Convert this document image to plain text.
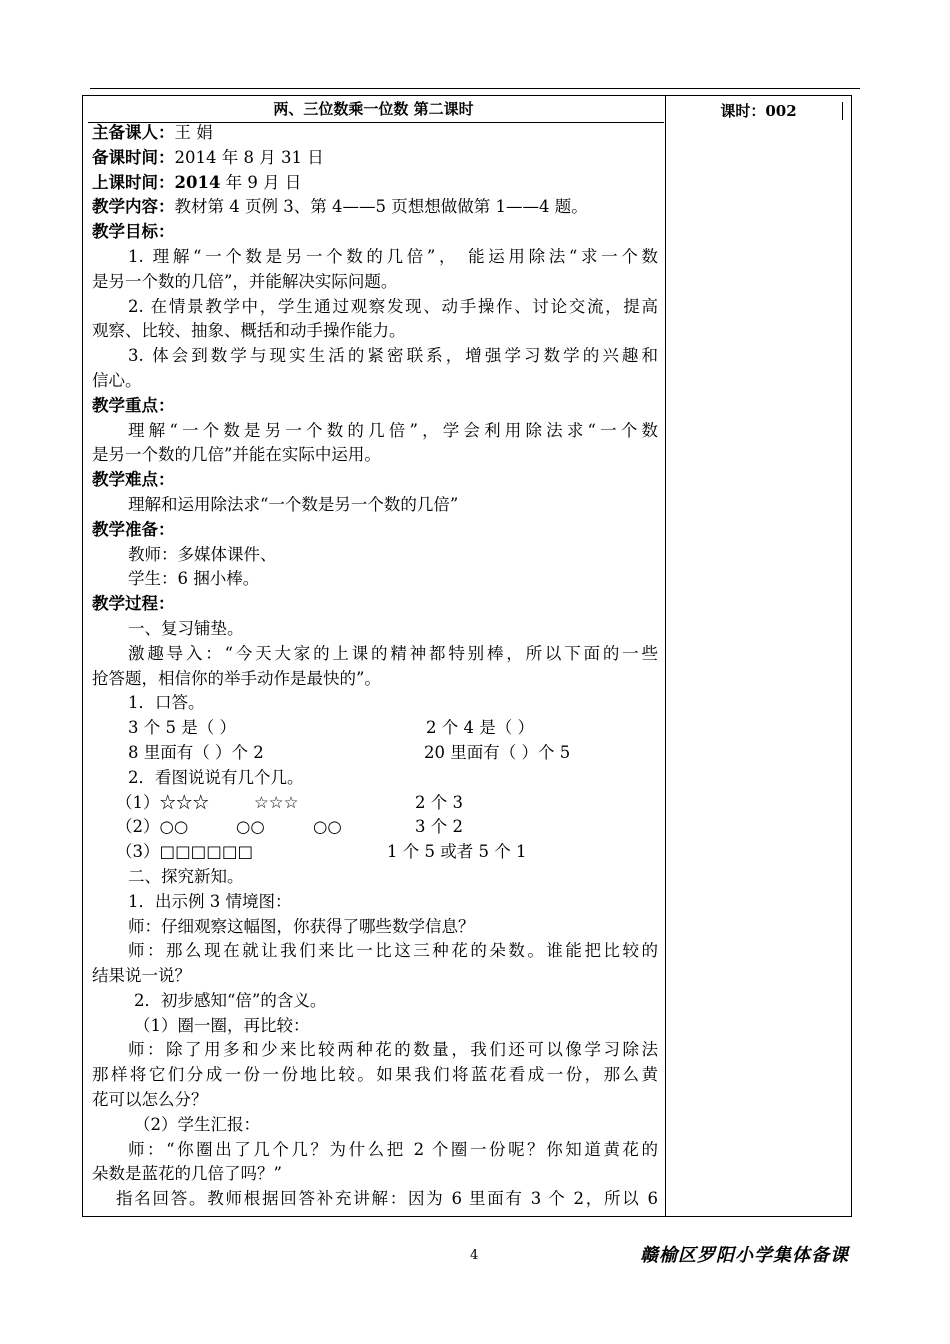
两、三位数乘一位数 第二课时	课时：002
主备课人：王 娟
备课时间：2014 年 8 月 31 日
上课时间：2014 年 9 月 日
教学内容：教材第 4 页例 3、第 4——5 页想想做做第 1——4 题。
教学目标：
1. 理解“一个数是另一个数的几倍”， 能运用除法“求一个数
是另一个数的几倍”，并能解决实际问题。
2. 在情景教学中，学生通过观察发现、动手操作、讨论交流，提高
观察、比较、抽象、概括和动手操作能力。
3. 体会到数学与现实生活的紧密联系，增强学习数学的兴趣和
信心。
教学重点：
理解“一个数是另一个数的几倍”，学会利用除法求“一个数
是另一个数的几倍”并能在实际中运用。
教学难点：
理解和运用除法求“一个数是另一个数的几倍”
教学准备：
教师：多媒体课件、
学生：6 捆小棒。
教学过程：
一、复习铺垫。
激趣导入：“今天大家的上课的精神都特别棒，所以下面的一些
抢答题，相信你的举手动作是最快的”。
1．口答。
3 个 5 是（ ）	2 个 4 是（ ）
8 里面有（ ）个 2	20 里面有（ ）个 5
2．看图说说有几个几。
（1）☆☆☆	☆☆☆	2 个 3
（2）○○	○○	○○	3 个 2
（3）□□□□□□	1 个 5 或者 5 个 1
二、探究新知。
1．出示例 3 情境图：
师：仔细观察这幅图，你获得了哪些数学信息？
师：那么现在就让我们来比一比这三种花的朵数。谁能把比较的
结果说一说？
2．初步感知“倍”的含义。
（1）圈一圈，再比较：
师：除了用多和少来比较两种花的数量，我们还可以像学习除法
那样将它们分成一份一份地比较。如果我们将蓝花看成一份，那么黄
花可以怎么分？
（2）学生汇报：
师：“你圈出了几个几？为什么把 2 个圈一份呢？你知道黄花的
朵数是蓝花的几倍了吗？”
指名回答。教师根据回答补充讲解：因为 6 里面有 3 个 2，所以 6
4	赣榆区罗阳小学集体备课
